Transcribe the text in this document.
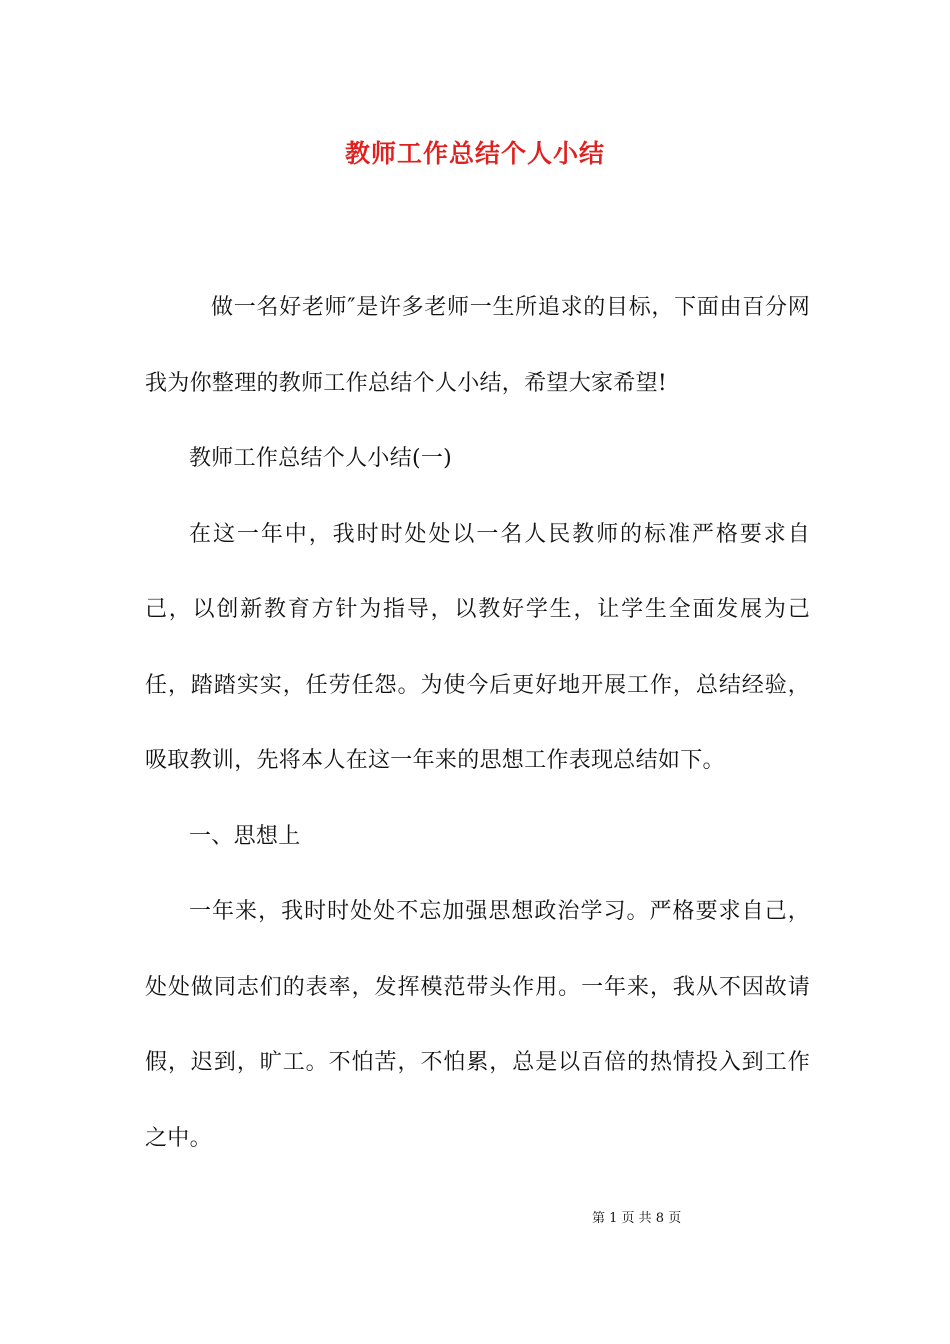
教师工作总结个人小结

做一名好老师″是许多老师一生所追求的目标，下面由百分网我为你整理的教师工作总结个人小结，希望大家希望!

教师工作总结个人小结(一)

在这一年中，我时时处处以一名人民教师的标准严格要求自己，以创新教育方针为指导，以教好学生，让学生全面发展为己任，踏踏实实，任劳任怨。为使今后更好地开展工作，总结经验，吸取教训，先将本人在这一年来的思想工作表现总结如下。

一、思想上

一年来，我时时处处不忘加强思想政治学习。严格要求自己，处处做同志们的表率，发挥模范带头作用。一年来，我从不因故请假，迟到，旷工。不怕苦，不怕累，总是以百倍的热情投入到工作之中。

第 1 页 共 8 页
